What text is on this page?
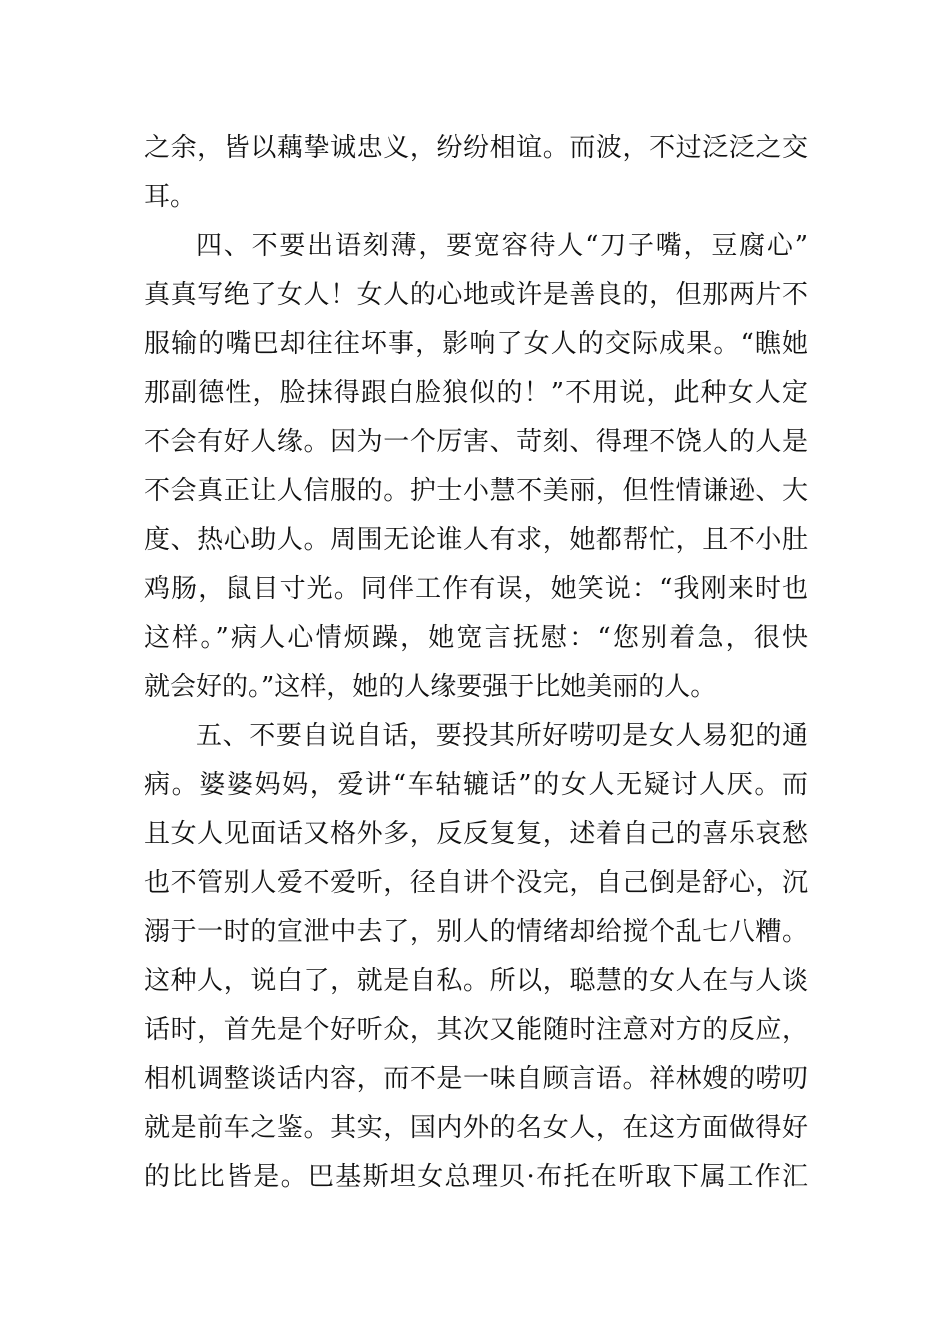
之余，皆以藕挚诚忠义，纷纷相谊。而波，不过泛泛之交
耳。
四、不要出语刻薄，要宽容待人“刀子嘴，豆腐心”
真真写绝了女人！女人的心地或许是善良的，但那两片不
服输的嘴巴却往往坏事，影响了女人的交际成果。“瞧她
那副德性，脸抹得跟白脸狼似的！”不用说，此种女人定
不会有好人缘。因为一个厉害、苛刻、得理不饶人的人是
不会真正让人信服的。护士小慧不美丽，但性情谦逊、大
度、热心助人。周围无论谁人有求，她都帮忙，且不小肚
鸡肠，鼠目寸光。同伴工作有误，她笑说：“我刚来时也
这样。”病人心情烦躁，她宽言抚慰：“您别着急，很快
就会好的。”这样，她的人缘要强于比她美丽的人。
五、不要自说自话，要投其所好唠叨是女人易犯的通
病。婆婆妈妈，爱讲“车轱辘话”的女人无疑讨人厌。而
且女人见面话又格外多，反反复复，述着自己的喜乐哀愁
也不管别人爱不爱听，径自讲个没完，自己倒是舒心，沉
溺于一时的宣泄中去了，别人的情绪却给搅个乱七八糟。
这种人，说白了，就是自私。所以，聪慧的女人在与人谈
话时，首先是个好听众，其次又能随时注意对方的反应，
相机调整谈话内容，而不是一味自顾言语。祥林嫂的唠叨
就是前车之鉴。其实，国内外的名女人，在这方面做得好
的比比皆是。巴基斯坦女总理贝·布托在听取下属工作汇
